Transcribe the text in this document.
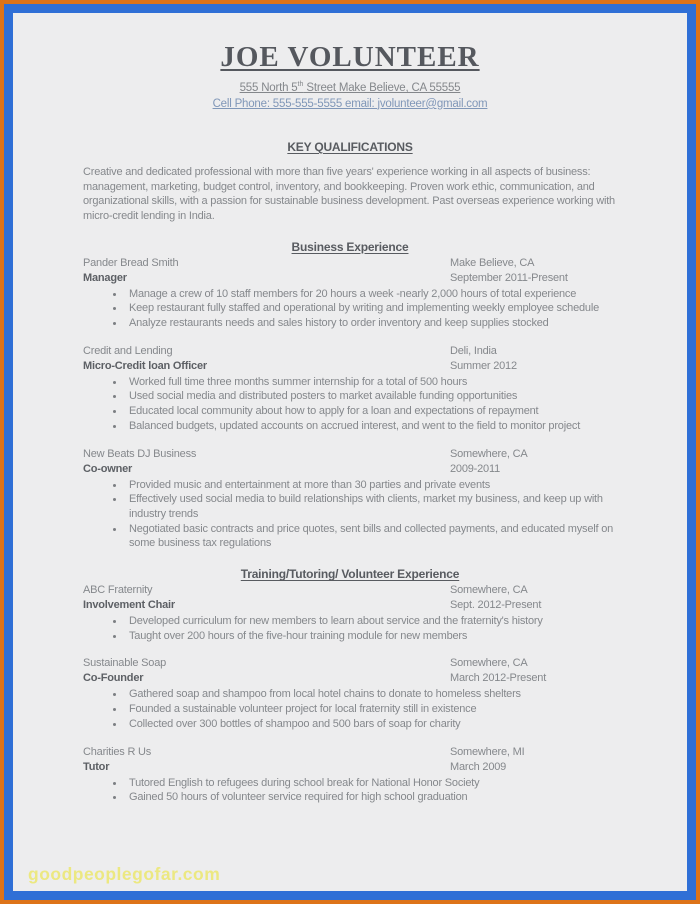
JOE VOLUNTEER
555 North 5th Street Make Believe, CA 55555
Cell Phone: 555-555-5555 email: jvolunteer@gmail.com
KEY QUALIFICATIONS

Creative and dedicated professional with more than five years' experience working in all aspects of business: management, marketing, budget control, inventory, and bookkeeping. Proven work ethic, communication, and organizational skills, with a passion for sustainable business development. Past overseas experience working with micro-credit lending in India.

Business Experience
Pander Bread Smith	Make Believe, CA
Manager	September 2011-Present
• Manage a crew of 10 staff members for 20 hours a week -nearly 2,000 hours of total experience
• Keep restaurant fully staffed and operational by writing and implementing weekly employee schedule
• Analyze restaurants needs and sales history to order inventory and keep supplies stocked
Credit and Lending	Deli, India
Micro-Credit loan Officer	Summer 2012
• Worked full time three months summer internship for a total of 500 hours
• Used social media and distributed posters to market available funding opportunities
• Educated local community about how to apply for a loan and expectations of repayment
• Balanced budgets, updated accounts on accrued interest, and went to the field to monitor project
New Beats DJ Business	Somewhere, CA
Co-owner	2009-2011
• Provided music and entertainment at more than 30 parties and private events
• Effectively used social media to build relationships with clients, market my business, and keep up with industry trends
• Negotiated basic contracts and price quotes, sent bills and collected payments, and educated myself on some business tax regulations
Training/Tutoring/ Volunteer Experience
ABC Fraternity	Somewhere, CA
Involvement Chair	Sept. 2012-Present
• Developed curriculum for new members to learn about service and the fraternity's history
• Taught over 200 hours of the five-hour training module for new members
Sustainable Soap	Somewhere, CA
Co-Founder	March 2012-Present
• Gathered soap and shampoo from local hotel chains to donate to homeless shelters
• Founded a sustainable volunteer project for local fraternity still in existence
• Collected over 300 bottles of shampoo and 500 bars of soap for charity
Charities R Us	Somewhere, MI
Tutor	March 2009
• Tutored English to refugees during school break for National Honor Society
• Gained 50 hours of volunteer service required for high school graduation
goodpeoplegofar.com
